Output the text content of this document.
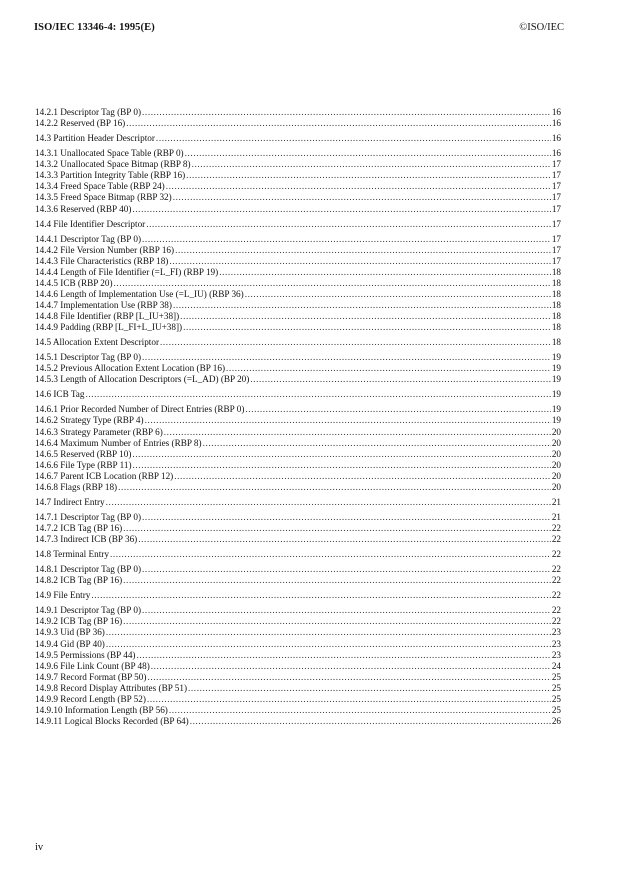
ISO/IEC 13346-4: 1995(E)	©ISO/IEC
14.2.1 Descriptor Tag (BP 0) .....	16
14.2.2 Reserved (BP 16) .....	16
14.3 Partition Header Descriptor .....	16
14.3.1 Unallocated Space Table (RBP 0) .....	16
14.3.2 Unallocated Space Bitmap (RBP 8) .....	17
14.3.3 Partition Integrity Table (RBP 16) .....	17
14.3.4 Freed Space Table (RBP 24) .....	17
14.3.5 Freed Space Bitmap (RBP 32) .....	17
14.3.6 Reserved (RBP 40) .....	17
14.4 File Identifier Descriptor .....	17
14.4.1 Descriptor Tag (BP 0) .....	17
14.4.2 File Version Number (RBP 16) .....	17
14.4.3 File Characteristics (RBP 18) .....	17
14.4.4 Length of File Identifier (=L_FI) (RBP 19) .....	18
14.4.5 ICB (RBP 20) .....	18
14.4.6 Length of Implementation Use (=L_IU) (RBP 36) .....	18
14.4.7 Implementation Use (RBP 38) .....	18
14.4.8 File Identifier (RBP [L_IU+38]) .....	18
14.4.9 Padding (RBP [L_FI+L_IU+38]) .....	18
14.5 Allocation Extent Descriptor .....	18
14.5.1 Descriptor Tag (BP 0) .....	19
14.5.2 Previous Allocation Extent Location (BP 16) .....	19
14.5.3 Length of Allocation Descriptors (=L_AD) (BP 20) .....	19
14.6 ICB Tag .....	19
14.6.1 Prior Recorded Number of Direct Entries (RBP 0) .....	19
14.6.2 Strategy Type (RBP 4) .....	19
14.6.3 Strategy Parameter (RBP 6) .....	20
14.6.4 Maximum Number of Entries (RBP 8) .....	20
14.6.5 Reserved (RBP 10) .....	20
14.6.6 File Type (RBP 11) .....	20
14.6.7 Parent ICB Location (RBP 12) .....	20
14.6.8 Flags (RBP 18) .....	20
14.7 Indirect Entry .....	21
14.7.1 Descriptor Tag (BP 0) .....	21
14.7.2 ICB Tag (BP 16) .....	22
14.7.3 Indirect ICB (BP 36) .....	22
14.8 Terminal Entry .....	22
14.8.1 Descriptor Tag (BP 0) .....	22
14.8.2 ICB Tag (BP 16) .....	22
14.9 File Entry .....	22
14.9.1 Descriptor Tag (BP 0) .....	22
14.9.2 ICB Tag (BP 16) .....	22
14.9.3 Uid (BP 36) .....	23
14.9.4 Gid (BP 40) .....	23
14.9.5 Permissions (BP 44) .....	23
14.9.6 File Link Count (BP 48) .....	24
14.9.7 Record Format (BP 50) .....	25
14.9.8 Record Display Attributes (BP 51) .....	25
14.9.9 Record Length (BP 52) .....	25
14.9.10 Information Length (BP 56) .....	25
14.9.11 Logical Blocks Recorded (BP 64) .....	26
iv
